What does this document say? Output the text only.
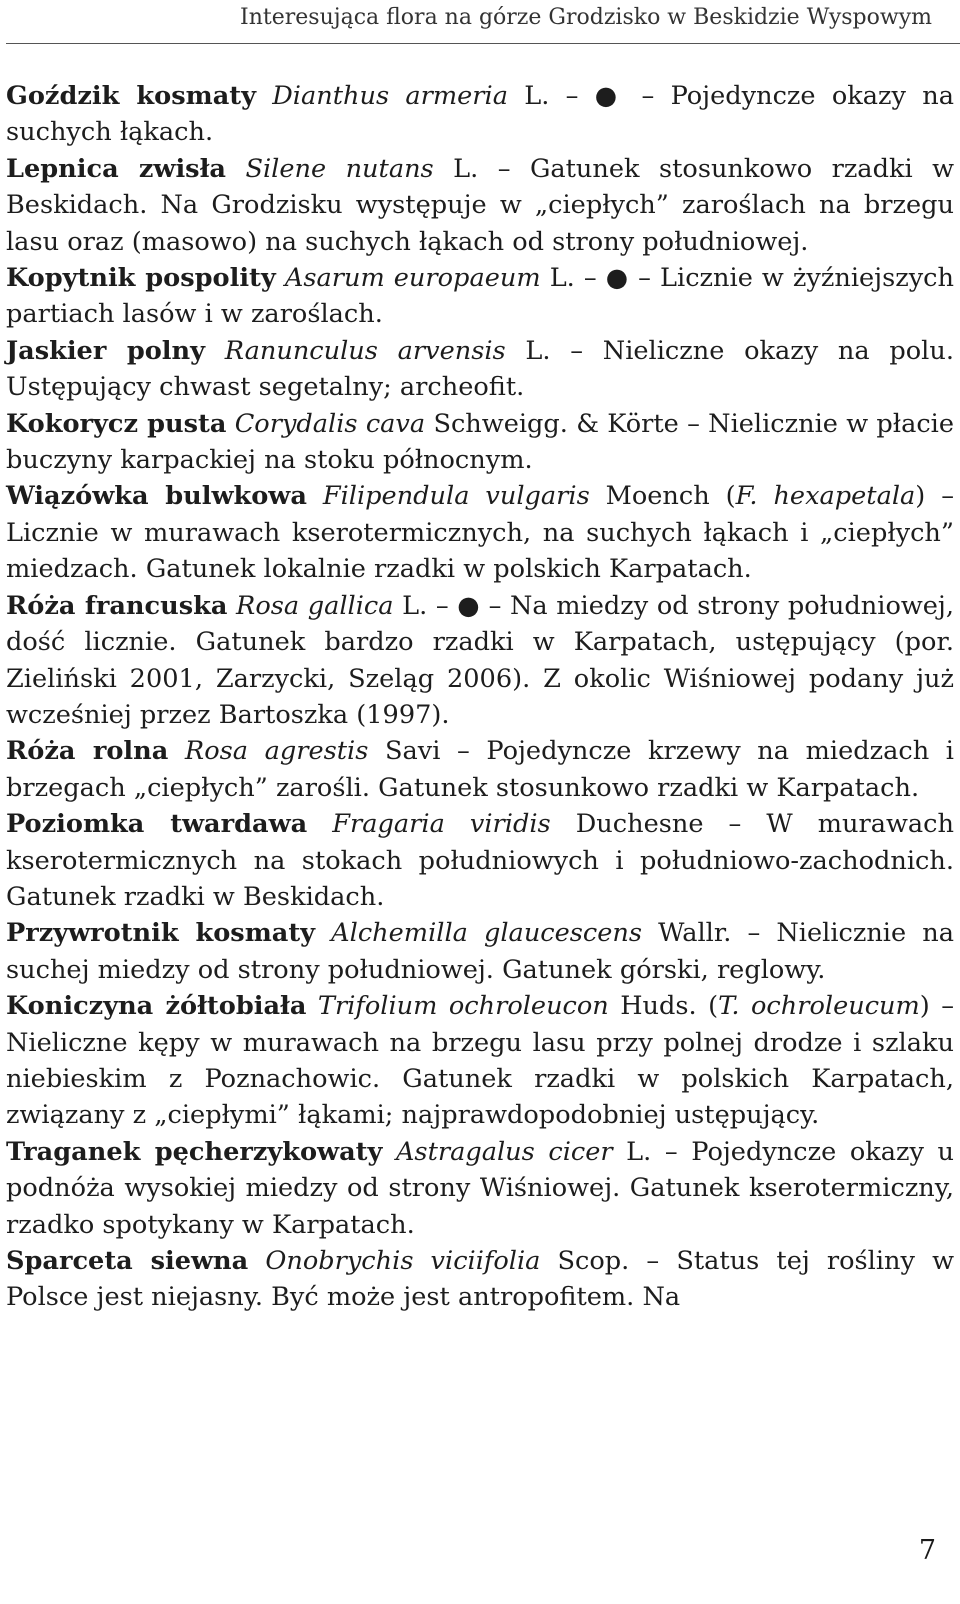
Interesująca flora na górze Grodzisko w Beskidzie Wyspowym

Goździk kosmaty Dianthus armeria L. – ● – Pojedyncze okazy na suchych łąkach.

Lepnica zwisła Silene nutans L. – Gatunek stosunkowo rzadki w Beskidach. Na Grodzisku występuje w „ciepłych” zaroślach na brzegu lasu oraz (masowo) na suchych łąkach od strony południowej.

Kopytnik pospolity Asarum europaeum L. – ● – Licznie w żyźniejszych partiach lasów i w zaroślach.

Jaskier polny Ranunculus arvensis L. – Nieliczne okazy na polu. Ustępujący chwast segetalny; archeofit.

Kokorycz pusta Corydalis cava Schweigg. & Körte – Nielicznie w płacie buczyny karpackiej na stoku północnym.

Wiązówka bulwkowa Filipendula vulgaris Moench (F. hexapetala) – Licznie w murawach kserotermicznych, na suchych łąkach i „ciepłych” miedzach. Gatunek lokalnie rzadki w polskich Karpatach.

Róża francuska Rosa gallica L. – ● – Na miedzy od strony południowej, dość licznie. Gatunek bardzo rzadki w Karpatach, ustępujący (por. Zieliński 2001, Zarzycki, Szeląg 2006). Z okolic Wiśniowej podany już wcześniej przez Bartoszka (1997).

Róża rolna Rosa agrestis Savi – Pojedyncze krzewy na miedzach i brzegach „ciepłych” zarośli. Gatunek stosunkowo rzadki w Karpatach.

Poziomka twardawa Fragaria viridis Duchesne – W murawach kserotermicznych na stokach południowych i południowo-zachodnich. Gatunek rzadki w Beskidach.

Przywrotnik kosmaty Alchemilla glaucescens Wallr. – Nielicznie na suchej miedzy od strony południowej. Gatunek górski, reglowy.

Koniczyna żółtobiała Trifolium ochroleucon Huds. (T. ochroleucum) – Nieliczne kępy w murawach na brzegu lasu przy polnej drodze i szlaku niebieskim z Poznachowic. Gatunek rzadki w polskich Karpatach, związany z „ciepłymi” łąkami; najprawdopodobniej ustępujący.

Traganek pęcherzykowaty Astragalus cicer L. – Pojedyncze okazy u podnóża wysokiej miedzy od strony Wiśniowej. Gatunek kserotermiczny, rzadko spotykany w Karpatach.

Sparceta siewna Onobrychis viciifolia Scop. – Status tej rośliny w Polsce jest niejasny. Być może jest antropofitem. Na

7
